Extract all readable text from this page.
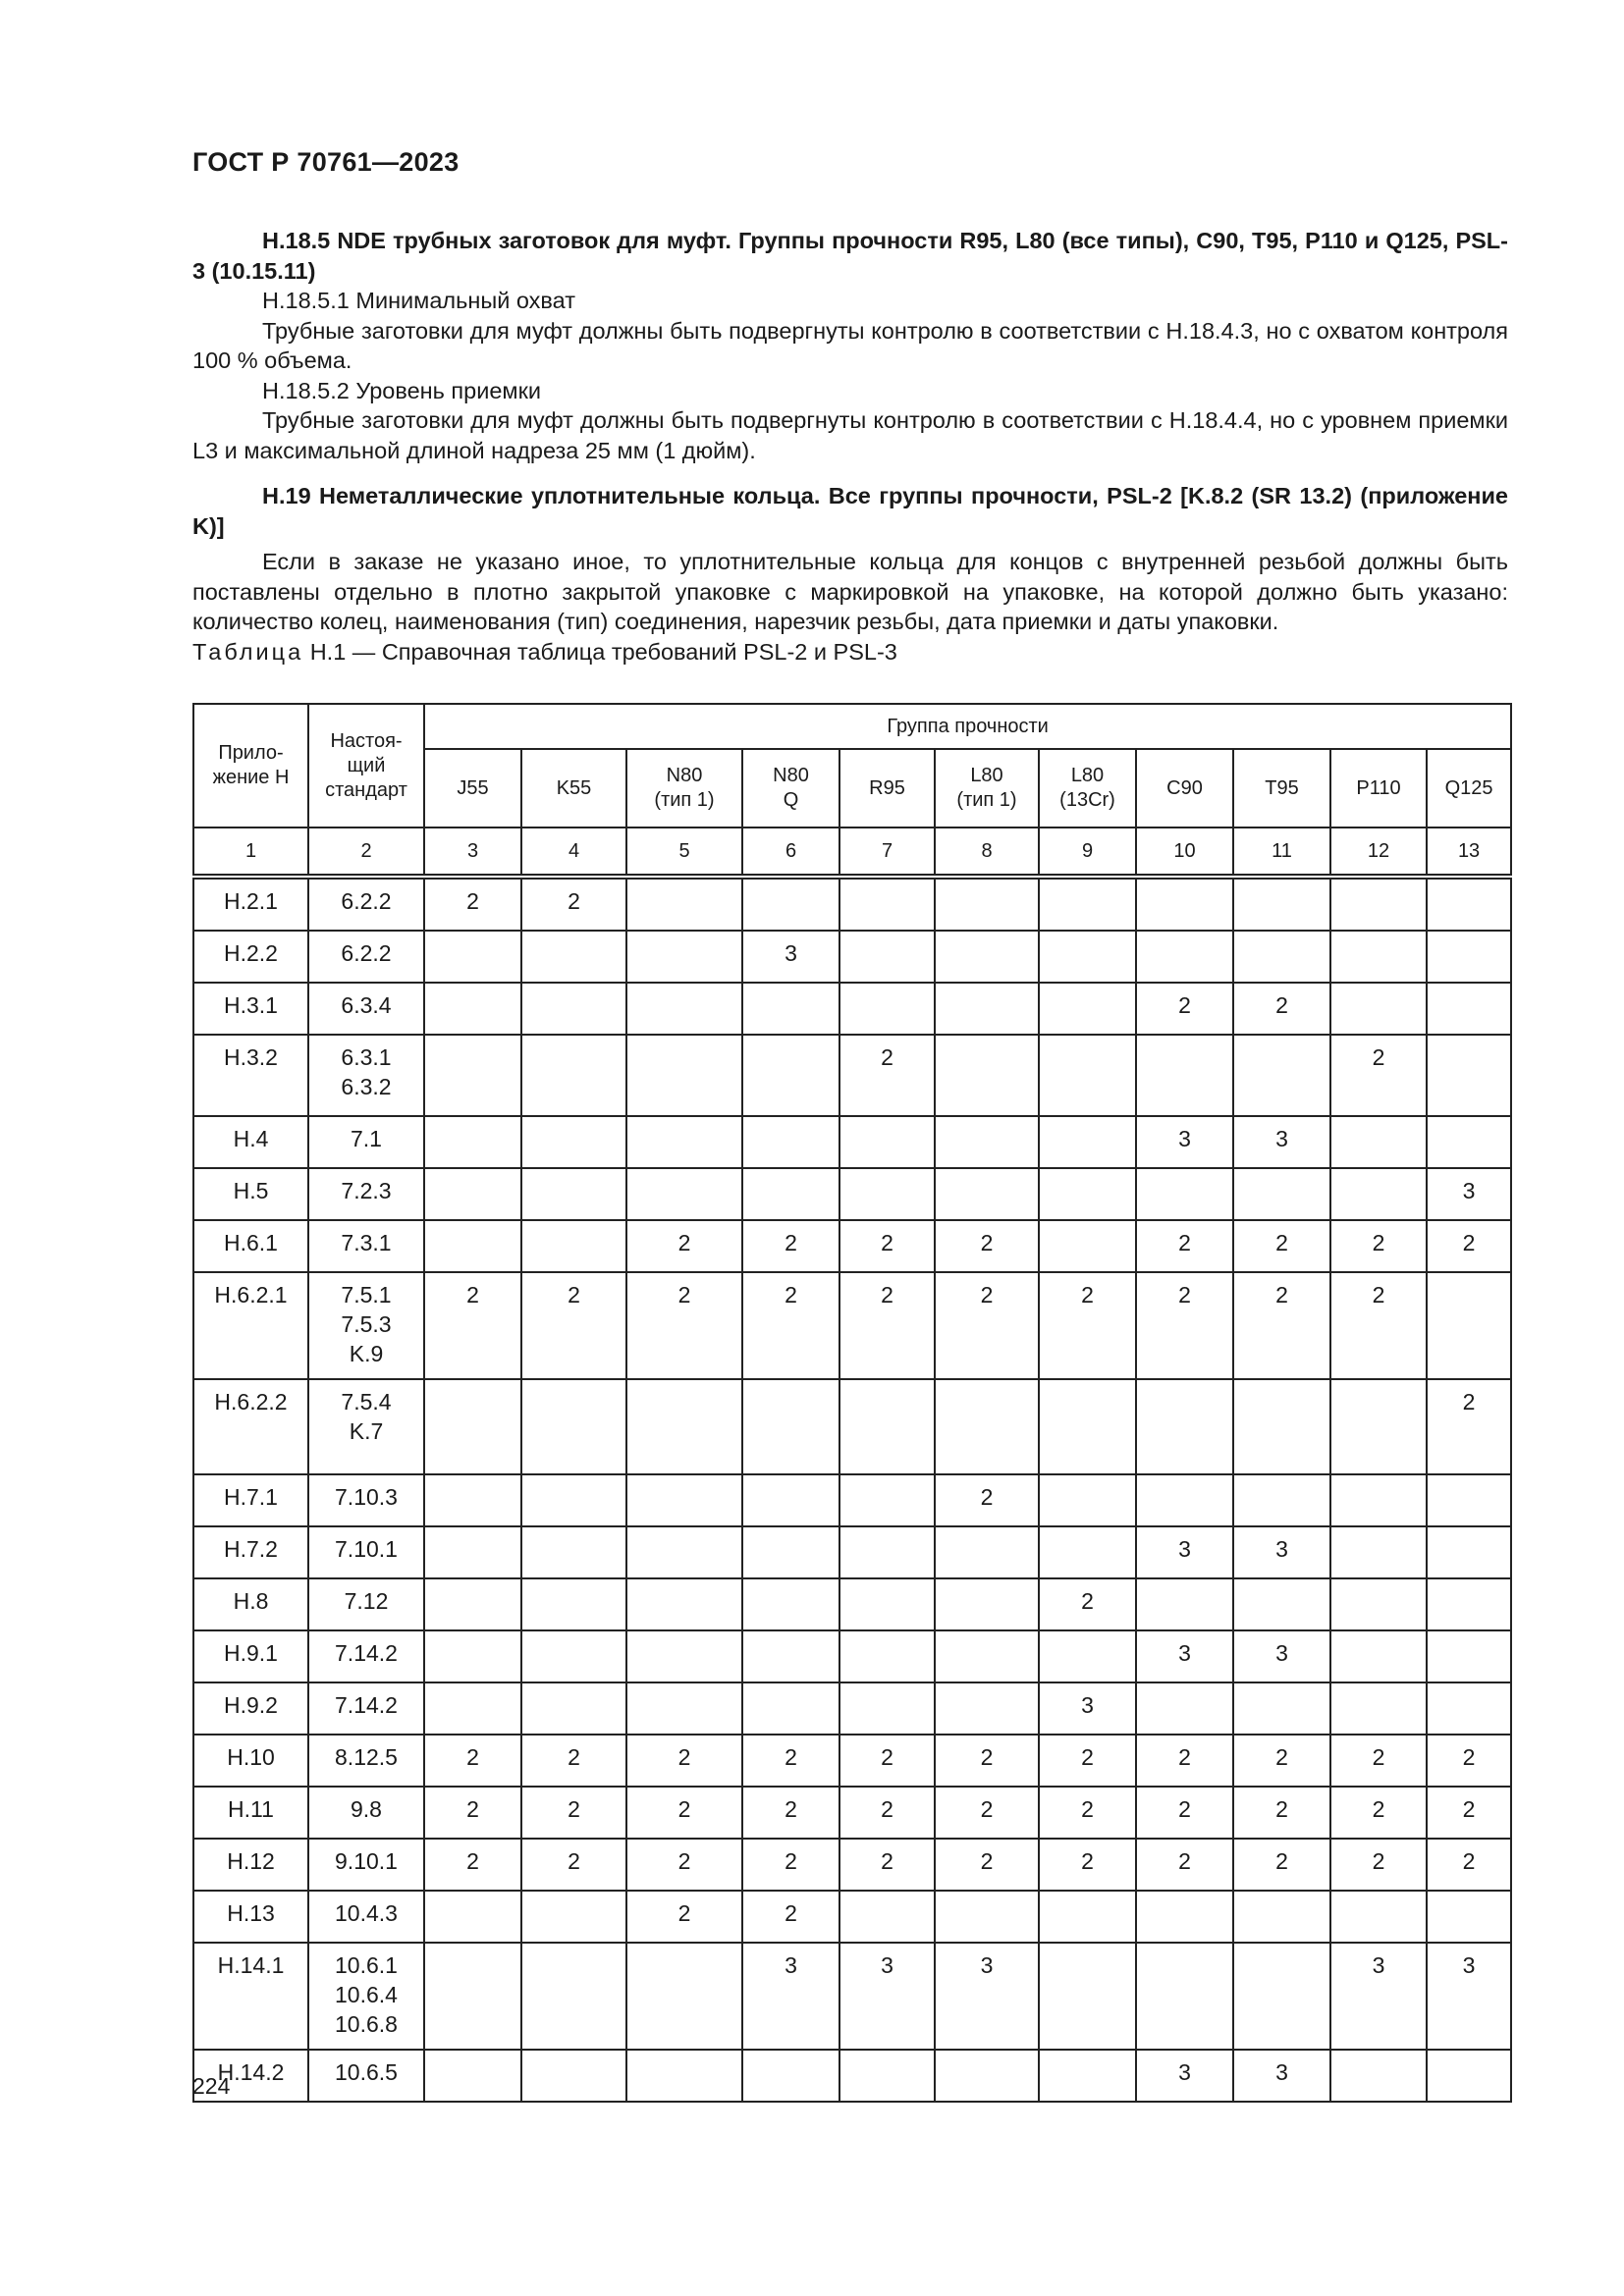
ГОСТ Р 70761—2023

H.18.5 NDE трубных заготовок для муфт. Группы прочности R95, L80 (все типы), C90, T95, P110 и Q125, PSL-3 (10.15.11)

H.18.5.1 Минимальный охват

Трубные заготовки для муфт должны быть подвергнуты контролю в соответствии с H.18.4.3, но с охватом контроля 100 % объема.

H.18.5.2 Уровень приемки

Трубные заготовки для муфт должны быть подвергнуты контролю в соответствии с H.18.4.4, но с уровнем приемки L3 и максимальной длиной надреза 25 мм (1 дюйм).

H.19 Неметаллические уплотнительные кольца. Все группы прочности, PSL-2 [K.8.2 (SR 13.2) (приложение K)]

Если в заказе не указано иное, то уплотнительные кольца для концов с внутренней резьбой должны быть поставлены отдельно в плотно закрытой упаковке с маркировкой на упаковке, на которой должно быть указано: количество колец, наименования (тип) соединения, нарезчик резьбы, дата приемки и даты упаковки.

Таблица H.1 — Справочная таблица требований PSL-2 и PSL-3

Прило-
жение H	Настоя-
щий
стандарт	Группа прочности										
		J55	K55	N80
(тип 1)	N80
Q	R95	L80
(тип 1)	L80
(13Cr)	C90	T95	P110	Q125
1	2	3	4	5	6	7	8	9	10	11	12	13
H.2.1	6.2.2	2	2									
H.2.2	6.2.2				3							
H.3.1	6.3.4								2	2		
H.3.2	6.3.1
6.3.2					2					2	
H.4	7.1								3	3		
H.5	7.2.3											3
H.6.1	7.3.1			2	2	2	2		2	2	2	2
H.6.2.1	7.5.1
7.5.3
K.9	2	2	2	2	2	2	2	2	2	2	
H.6.2.2	7.5.4
K.7											2
H.7.1	7.10.3						2					
H.7.2	7.10.1								3	3		
H.8	7.12							2				
H.9.1	7.14.2								3	3		
H.9.2	7.14.2							3				
H.10	8.12.5	2	2	2	2	2	2	2	2	2	2	2
H.11	9.8	2	2	2	2	2	2	2	2	2	2	2
H.12	9.10.1	2	2	2	2	2	2	2	2	2	2	2
H.13	10.4.3			2	2							
H.14.1	10.6.1
10.6.4
10.6.8				3	3	3				3	3
H.14.2	10.6.5								3	3		
224
